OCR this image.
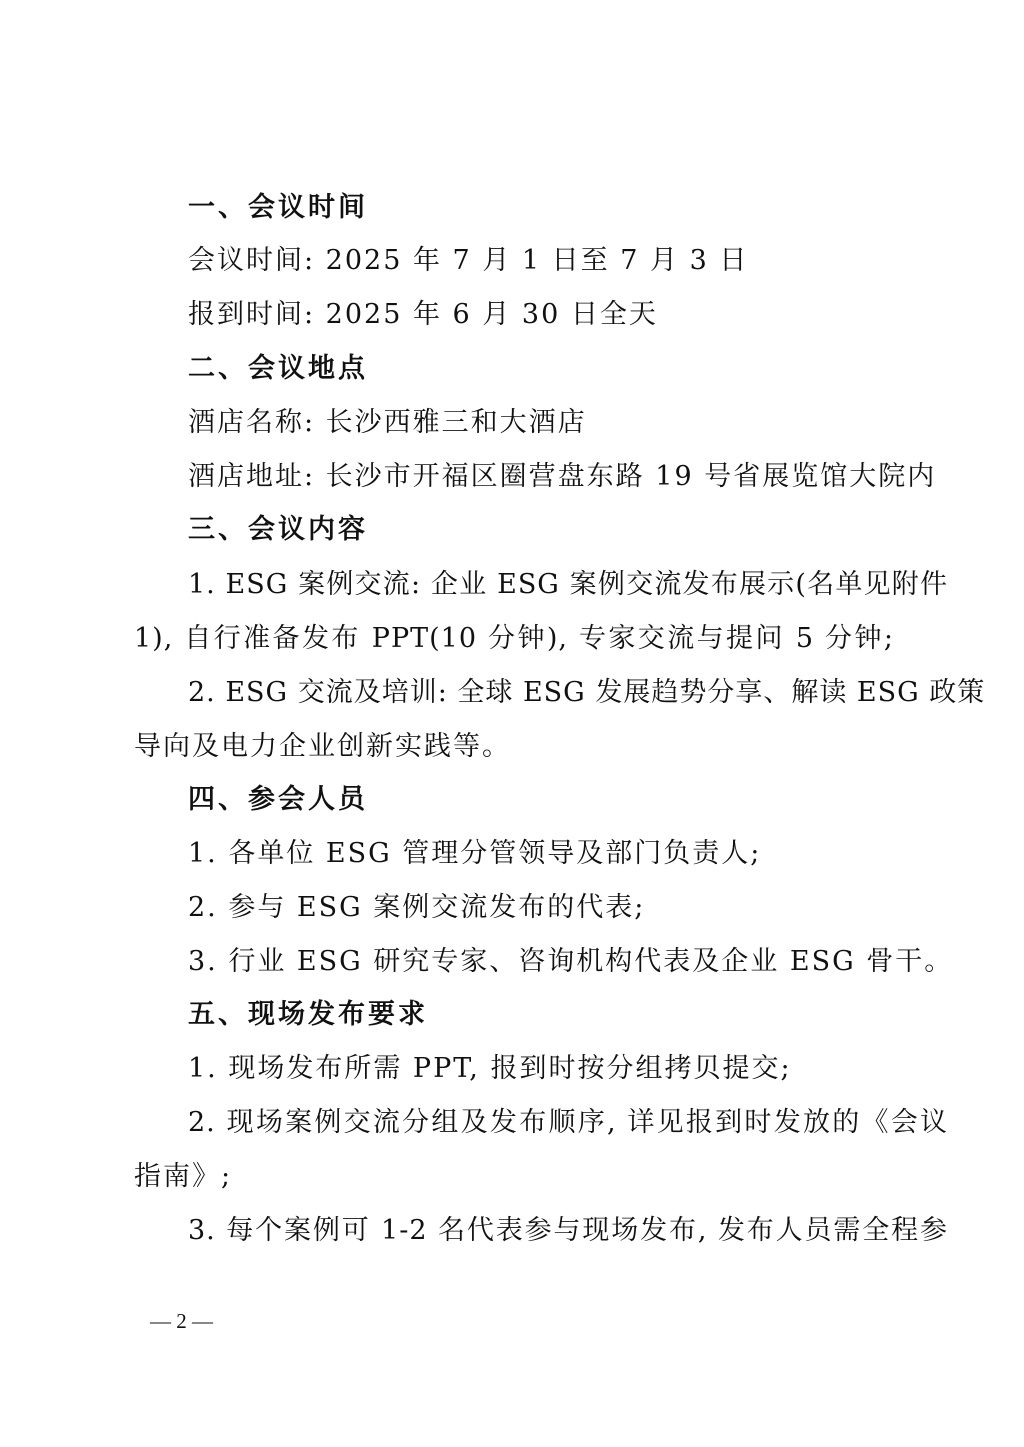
一、会议时间
会议时间: 2025 年 7 月 1 日至 7 月 3 日
报到时间: 2025 年 6 月 30 日全天
二、会议地点
酒店名称: 长沙西雅三和大酒店
酒店地址: 长沙市开福区圈营盘东路 19 号省展览馆大院内
三、会议内容
1. ESG 案例交流: 企业 ESG 案例交流发布展示(名单见附件
1), 自行准备发布 PPT(10 分钟), 专家交流与提问 5 分钟;
2. ESG 交流及培训: 全球 ESG 发展趋势分享、解读 ESG 政策
导向及电力企业创新实践等。
四、参会人员
1. 各单位 ESG 管理分管领导及部门负责人;
2. 参与 ESG 案例交流发布的代表;
3. 行业 ESG 研究专家、咨询机构代表及企业 ESG 骨干。
五、现场发布要求
1. 现场发布所需 PPT, 报到时按分组拷贝提交;
2. 现场案例交流分组及发布顺序, 详见报到时发放的《会议
指南》;
3. 每个案例可 1-2 名代表参与现场发布, 发布人员需全程参
— 2 —
